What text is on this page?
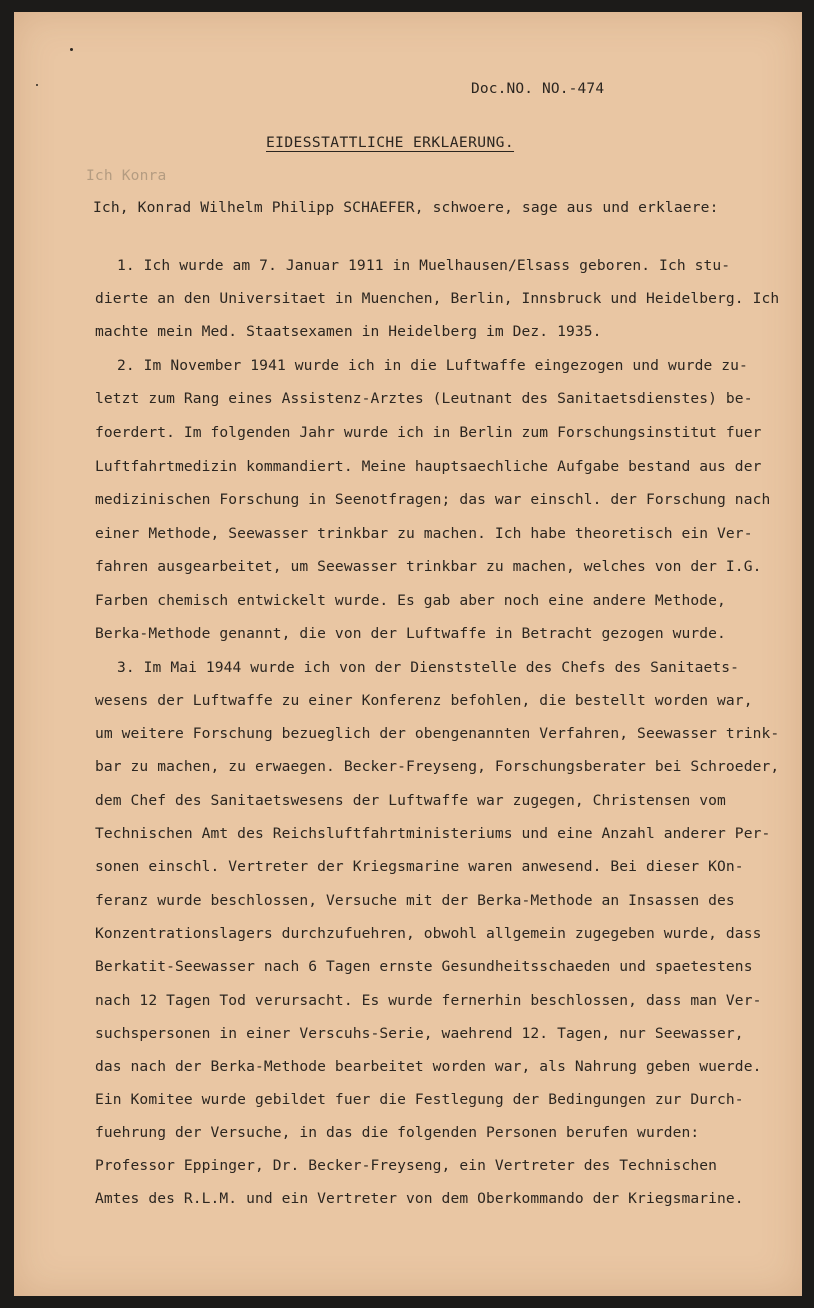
Doc.NO. NO.-474
EIDESSTATTLICHE ERKLAERUNG.
Ich Konra
Ich, Konrad Wilhelm Philipp SCHAEFER, schwoere, sage aus und erklaere:
1. Ich wurde am 7. Januar 1911 in Muelhausen/Elsass geboren. Ich stu-
dierte an den Universitaet in Muenchen, Berlin, Innsbruck und Heidelberg. Ich
machte mein Med. Staatsexamen in Heidelberg im Dez. 1935.
2. Im November 1941 wurde ich in die Luftwaffe eingezogen und wurde zu-
letzt zum Rang eines Assistenz-Arztes (Leutnant des Sanitaetsdienstes) be-
foerdert. Im folgenden Jahr wurde ich in Berlin zum Forschungsinstitut fuer
Luftfahrtmedizin kommandiert. Meine hauptsaechliche Aufgabe bestand aus der
medizinischen Forschung in Seenotfragen; das war einschl. der Forschung nach
einer Methode, Seewasser trinkbar zu machen. Ich habe theoretisch ein Ver-
fahren ausgearbeitet, um Seewasser trinkbar zu machen, welches von der I.G.
Farben chemisch entwickelt wurde. Es gab aber noch eine andere Methode,
Berka-Methode genannt, die von der Luftwaffe in Betracht gezogen wurde.
3. Im Mai 1944 wurde ich von der Dienststelle des Chefs des Sanitaets-
wesens der Luftwaffe zu einer Konferenz befohlen, die bestellt worden war,
um weitere Forschung bezueglich der obengenannten Verfahren, Seewasser trink-
bar zu machen, zu erwaegen. Becker-Freyseng, Forschungsberater bei Schroeder,
dem Chef des Sanitaetswesens der Luftwaffe war zugegen, Christensen vom
Technischen Amt des Reichsluftfahrtministeriums und eine Anzahl anderer Per-
sonen einschl. Vertreter der Kriegsmarine waren anwesend. Bei dieser KOn-
feranz wurde beschlossen, Versuche mit der Berka-Methode an Insassen des
Konzentrationslagers durchzufuehren, obwohl allgemein zugegeben wurde, dass
Berkatit-Seewasser nach 6 Tagen ernste Gesundheitsschaeden und spaetestens
nach 12 Tagen Tod verursacht. Es wurde fernerhin beschlossen, dass man Ver-
suchspersonen in einer Verscuhs-Serie, waehrend 12. Tagen, nur Seewasser,
das nach der Berka-Methode bearbeitet worden war, als Nahrung geben wuerde.
Ein Komitee wurde gebildet fuer die Festlegung der Bedingungen zur Durch-
fuehrung der Versuche, in das die folgenden Personen berufen wurden:
Professor Eppinger, Dr. Becker-Freyseng, ein Vertreter des Technischen
Amtes des R.L.M. und ein Vertreter von dem Oberkommando der Kriegsmarine.
